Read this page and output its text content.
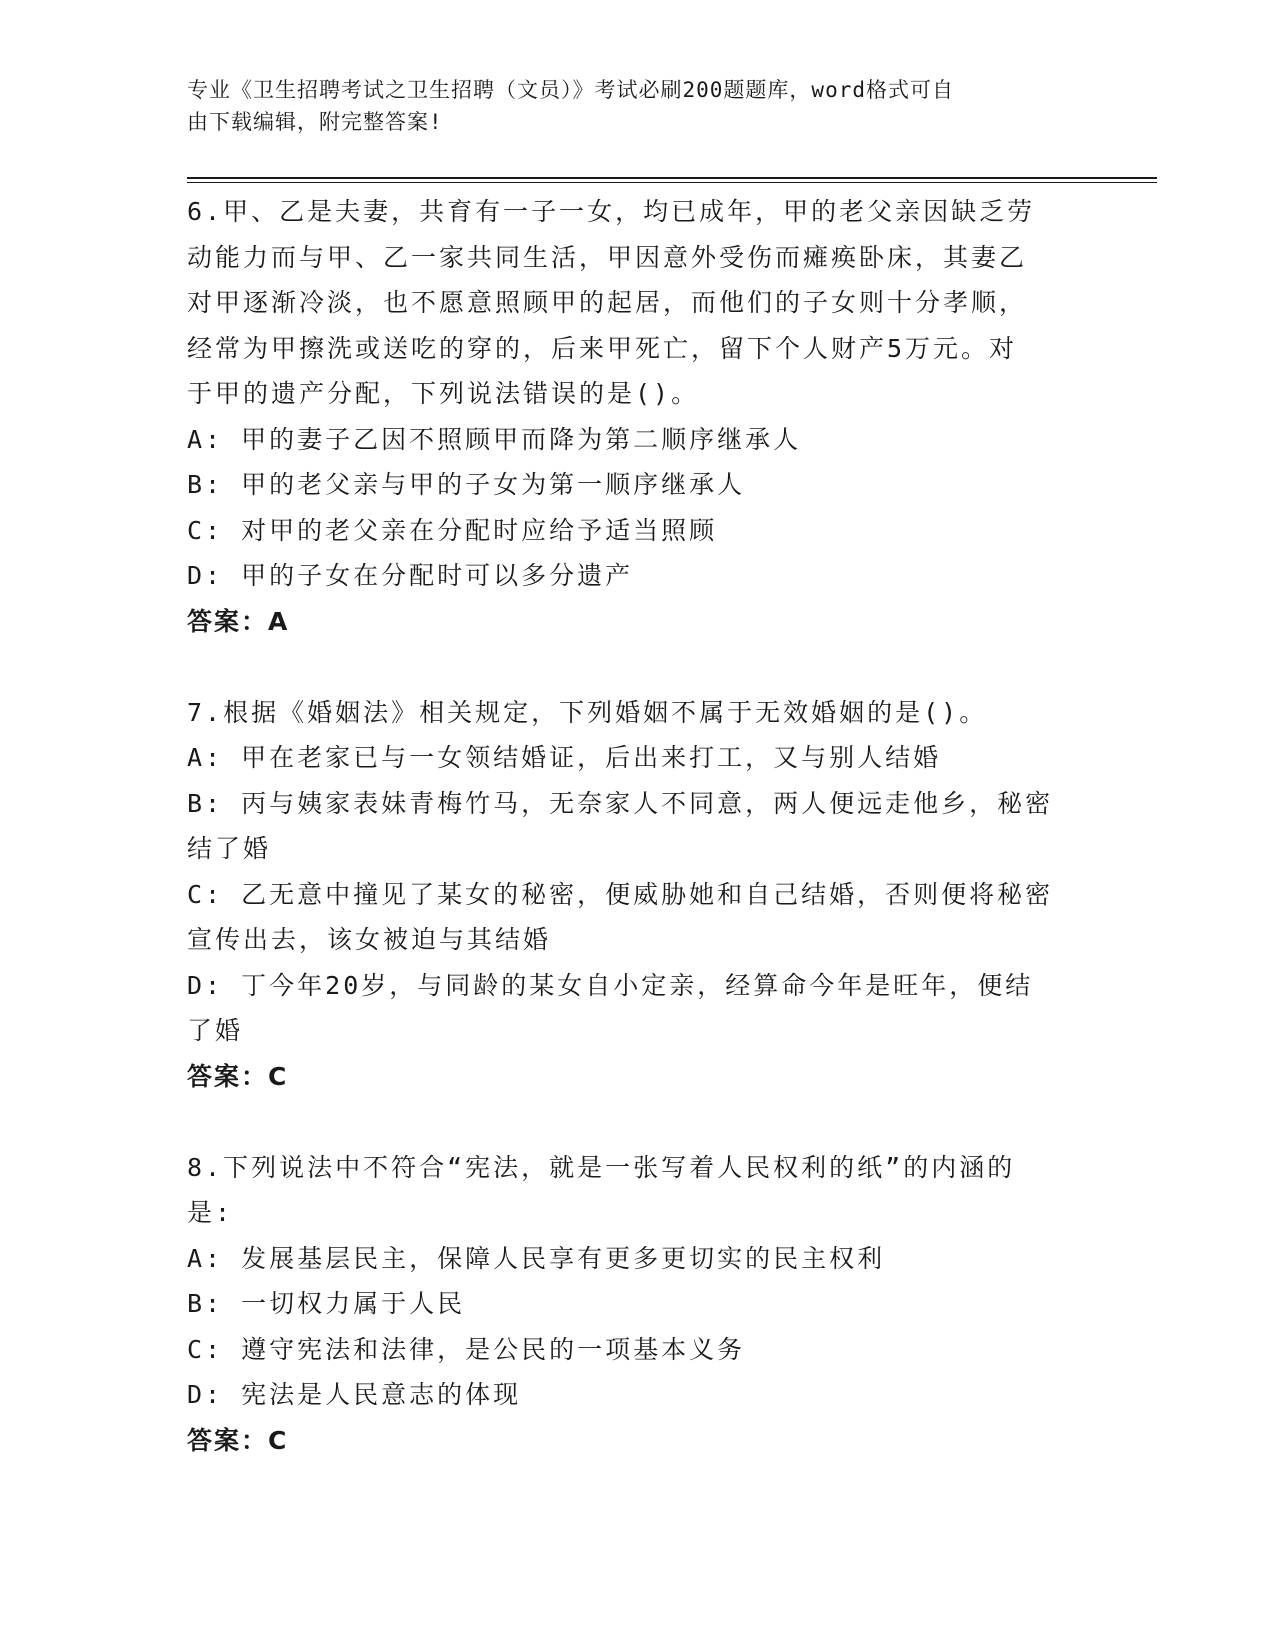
专业《卫生招聘考试之卫生招聘（文员）》考试必刷200题题库，word格式可自
由下载编辑，附完整答案!
6.甲、乙是夫妻，共育有一子一女，均已成年，甲的老父亲因缺乏劳
动能力而与甲、乙一家共同生活，甲因意外受伤而瘫痪卧床，其妻乙
对甲逐渐冷淡，也不愿意照顾甲的起居，而他们的子女则十分孝顺，
经常为甲擦洗或送吃的穿的，后来甲死亡，留下个人财产5万元。对
于甲的遗产分配，下列说法错误的是()。
A: 甲的妻子乙因不照顾甲而降为第二顺序继承人
B: 甲的老父亲与甲的子女为第一顺序继承人
C: 对甲的老父亲在分配时应给予适当照顾
D: 甲的子女在分配时可以多分遗产
答案：A
7.根据《婚姻法》相关规定，下列婚姻不属于无效婚姻的是()。
A: 甲在老家已与一女领结婚证，后出来打工，又与别人结婚
B: 丙与姨家表妹青梅竹马，无奈家人不同意，两人便远走他乡，秘密
结了婚
C: 乙无意中撞见了某女的秘密，便威胁她和自己结婚，否则便将秘密
宣传出去，该女被迫与其结婚
D: 丁今年20岁，与同龄的某女自小定亲，经算命今年是旺年，便结
了婚
答案：C
8.下列说法中不符合“宪法，就是一张写着人民权利的纸”的内涵的
是:
A: 发展基层民主，保障人民享有更多更切实的民主权利
B: 一切权力属于人民
C: 遵守宪法和法律，是公民的一项基本义务
D: 宪法是人民意志的体现
答案：C
